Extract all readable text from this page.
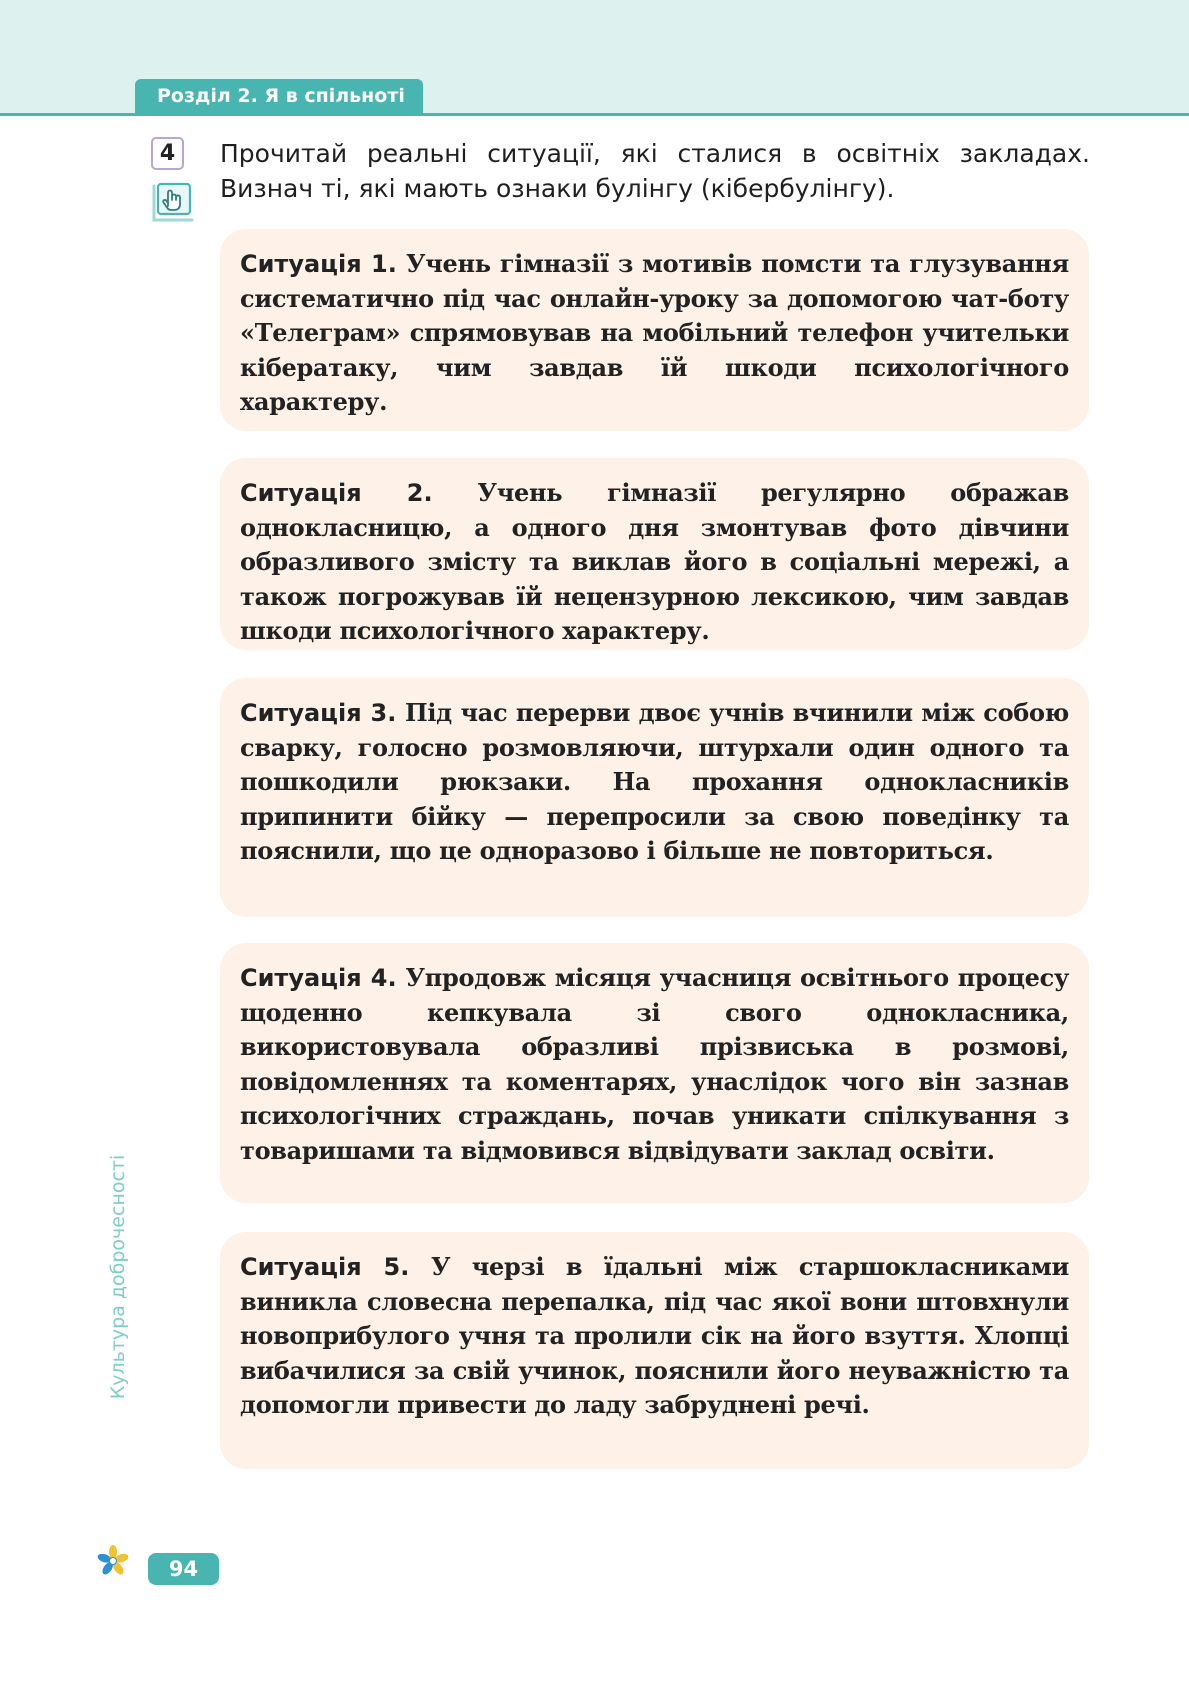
Розділ 2. Я в спільноті
4	Прочитай реальні ситуації, які сталися в освітніх закладах. Визнач ті, які мають ознаки булінгу (кібербулінгу).

Ситуація 1. Учень гімназії з мотивів помсти та глузування систематично під час онлайн-уроку за допомогою чат-боту «Телеграм» спрямовував на мобільний телефон учительки кібератаку, чим завдав їй шкоди психологічного характеру.

Ситуація 2. Учень гімназії регулярно ображав однокласницю, а одного дня змонтував фото дівчини образливого змісту та виклав його в соціальні мережі, а також погрожував їй нецензурною лексикою, чим завдав шкоди психологічного характеру.

Ситуація 3. Під час перерви двоє учнів вчинили між собою сварку, голосно розмовляючи, штурхали один одного та пошкодили рюкзаки. На прохання однокласників припинити бійку — перепросили за свою поведінку та пояснили, що це одноразово і більше не повториться.

Ситуація 4. Упродовж місяця учасниця освітнього процесу щоденно кепкувала зі свого однокласника, використовувала образливі прізвиська в розмові, повідомленнях та коментарях, унаслідок чого він зазнав психологічних страждань, почав уникати спілкування з товаришами та відмовився відвідувати заклад освіти.

Ситуація 5. У черзі в їдальні між старшокласниками виникла словесна перепалка, під час якої вони штовхнули новоприбулого учня та пролили сік на його взуття. Хлопці вибачилися за свій учинок, пояснили його неуважністю та допомогли привести до ладу забруднені речі.

Культура доброчесності
94
